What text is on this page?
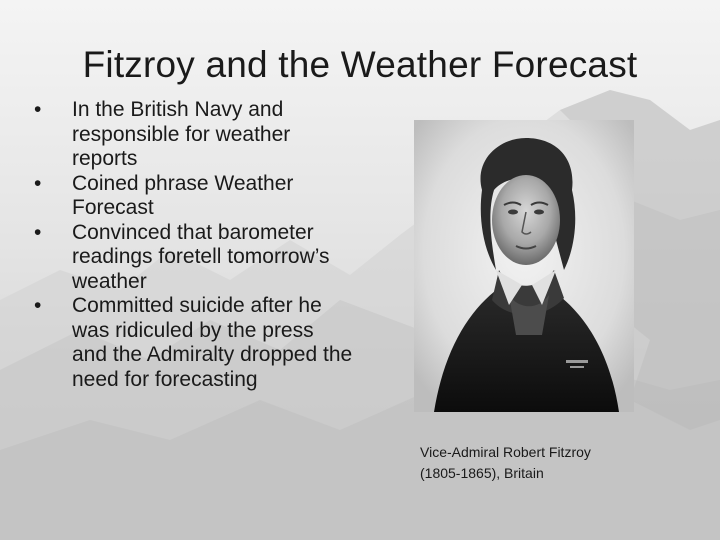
Fitzroy and the Weather Forecast
•	In the British Navy and responsible for weather reports
•	Coined phrase Weather Forecast
•	Convinced that barometer readings foretell tomorrow’s weather
•	Committed suicide after he was ridiculed by the press and the Admiralty dropped the need for forecasting
Vice-Admiral Robert Fitzroy
(1805-1865), Britain
